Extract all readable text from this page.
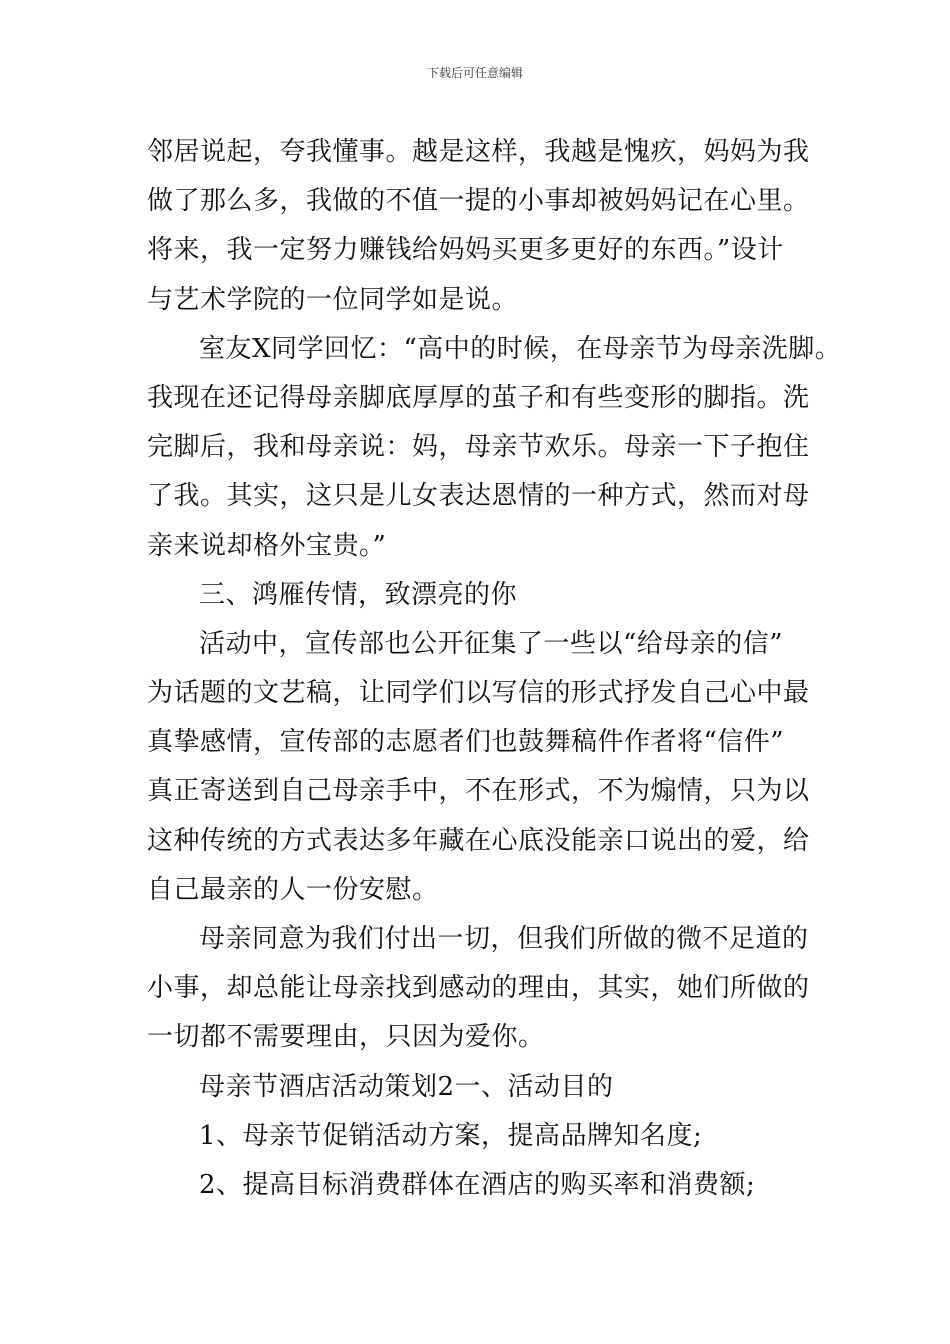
下载后可任意编辑
邻居说起，夸我懂事。越是这样，我越是愧疚，妈妈为我
做了那么多，我做的不值一提的小事却被妈妈记在心里。
将来，我一定努力赚钱给妈妈买更多更好的东西。”设计
与艺术学院的一位同学如是说。
室友X同学回忆：“高中的时候，在母亲节为母亲洗脚。
我现在还记得母亲脚底厚厚的茧子和有些变形的脚指。洗
完脚后，我和母亲说：妈，母亲节欢乐。母亲一下子抱住
了我。其实，这只是儿女表达恩情的一种方式，然而对母
亲来说却格外宝贵。”
三、鸿雁传情，致漂亮的你
活动中，宣传部也公开征集了一些以“给母亲的信”
为话题的文艺稿，让同学们以写信的形式抒发自己心中最
真挚感情，宣传部的志愿者们也鼓舞稿件作者将“信件”
真正寄送到自己母亲手中，不在形式，不为煽情，只为以
这种传统的方式表达多年藏在心底没能亲口说出的爱，给
自己最亲的人一份安慰。
母亲同意为我们付出一切，但我们所做的微不足道的
小事，却总能让母亲找到感动的理由，其实，她们所做的
一切都不需要理由，只因为爱你。
母亲节酒店活动策划2一、活动目的
1、母亲节促销活动方案，提高品牌知名度;
2、提高目标消费群体在酒店的购买率和消费额;
